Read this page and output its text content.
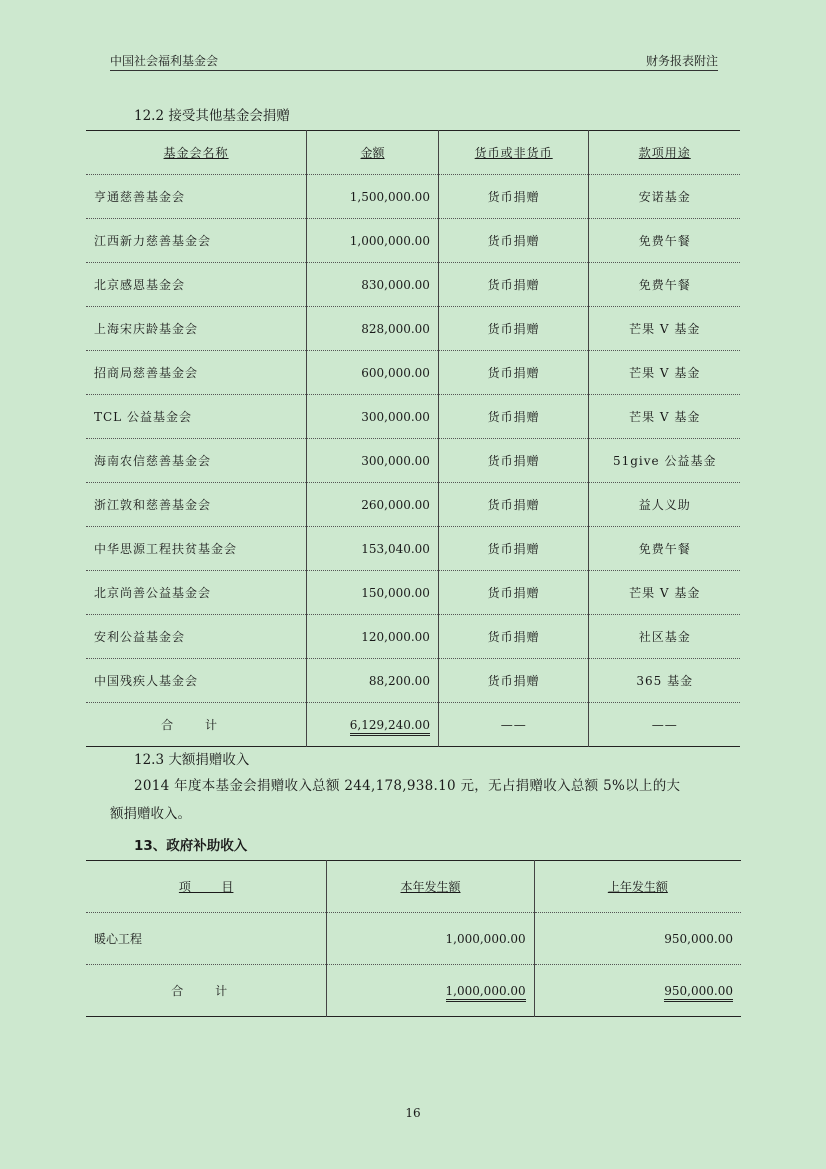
中国社会福利基金会	财务报表附注
12.2 接受其他基金会捐赠
基金会名称	金额	货币或非货币	款项用途
亨通慈善基金会	1,500,000.00	货币捐赠	安诺基金
江西新力慈善基金会	1,000,000.00	货币捐赠	免费午餐
北京感恩基金会	830,000.00	货币捐赠	免费午餐
上海宋庆龄基金会	828,000.00	货币捐赠	芒果 V 基金
招商局慈善基金会	600,000.00	货币捐赠	芒果 V 基金
TCL 公益基金会	300,000.00	货币捐赠	芒果 V 基金
海南农信慈善基金会	300,000.00	货币捐赠	51give 公益基金
浙江敦和慈善基金会	260,000.00	货币捐赠	益人义助
中华思源工程扶贫基金会	153,040.00	货币捐赠	免费午餐
北京尚善公益基金会	150,000.00	货币捐赠	芒果 V 基金
安利公益基金会	120,000.00	货币捐赠	社区基金
中国残疾人基金会	88,200.00	货币捐赠	365 基金
合 计	6,129,240.00	——	——
12.3 大额捐赠收入
2014 年度本基金会捐赠收入总额 244,178,938.10 元，无占捐赠收入总额 5%以上的大
额捐赠收入。
13、政府补助收入
项        目	本年发生额	上年发生额
暖心工程	1,000,000.00	950,000.00
合 计	1,000,000.00	950,000.00
16
